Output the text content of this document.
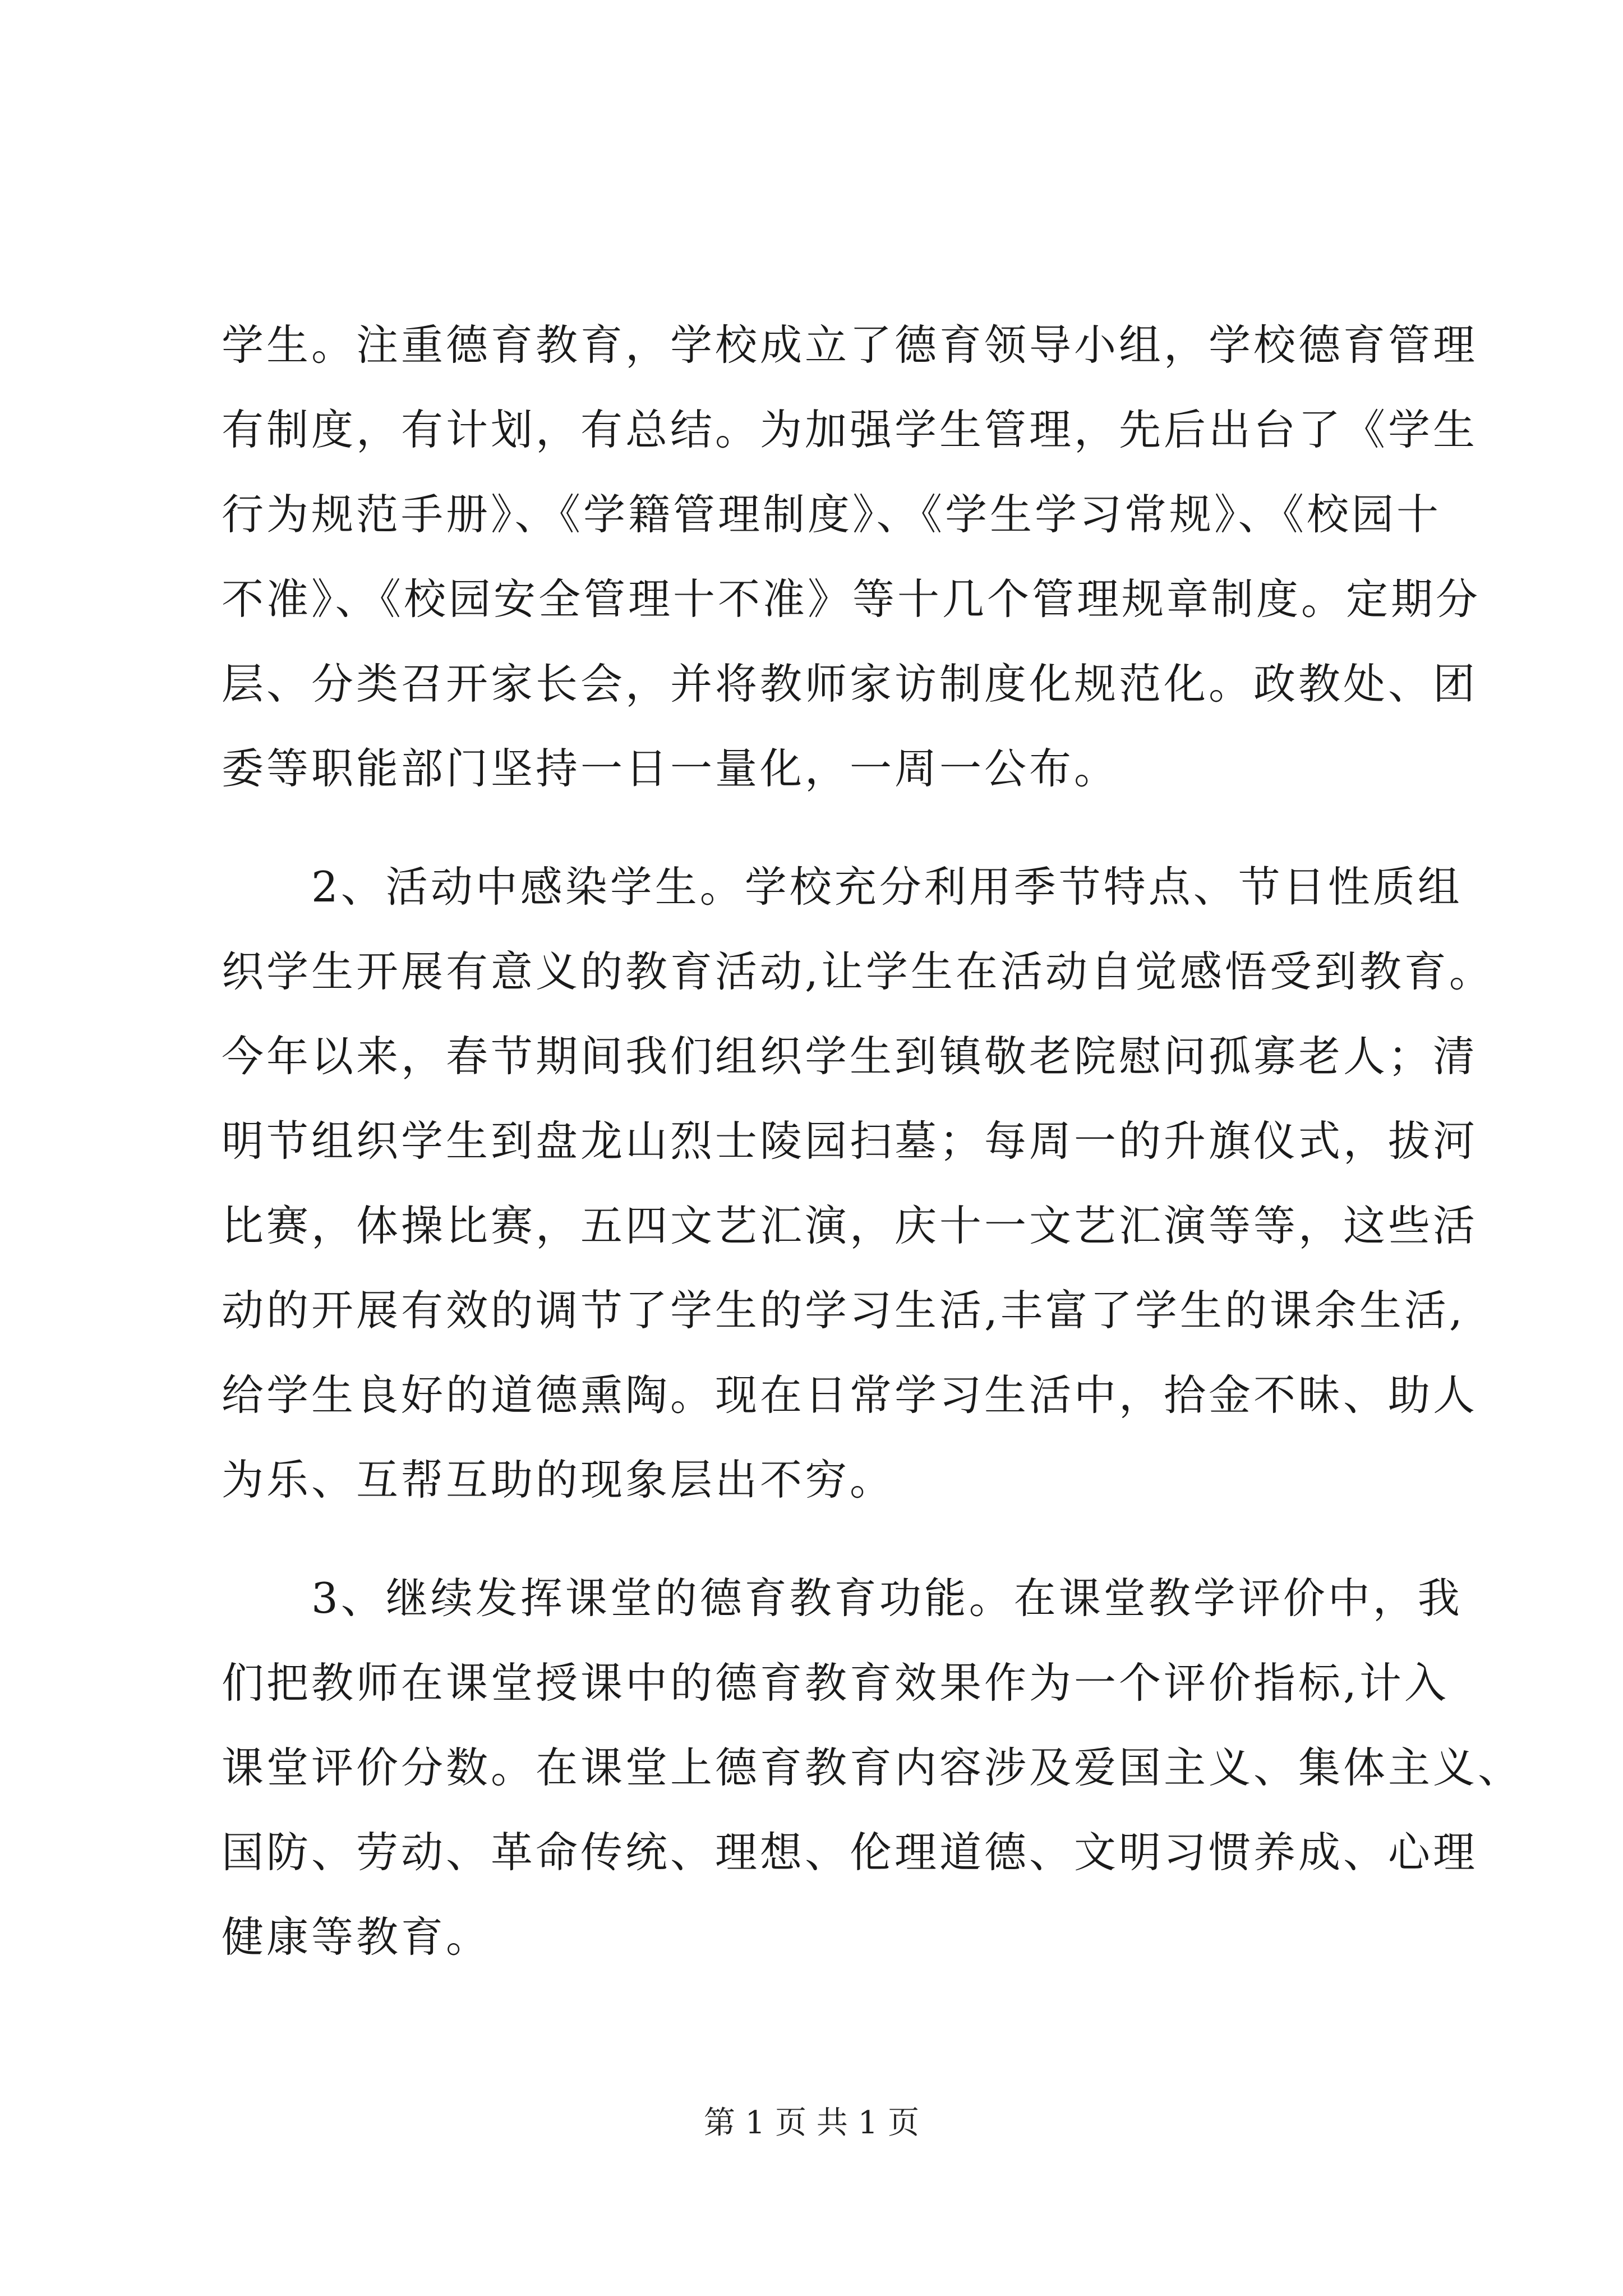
学生。注重德育教育，学校成立了德育领导小组，学校德育管理
有制度，有计划，有总结。为加强学生管理，先后出台了《学生
行为规范手册》、《学籍管理制度》、《学生学习常规》、《校园十
不准》、《校园安全管理十不准》等十几个管理规章制度。定期分
层、分类召开家长会，并将教师家访制度化规范化。政教处、团
委等职能部门坚持一日一量化，一周一公布。
　　2、活动中感染学生。学校充分利用季节特点、节日性质组
织学生开展有意义的教育活动,让学生在活动自觉感悟受到教育。
今年以来，春节期间我们组织学生到镇敬老院慰问孤寡老人；清
明节组织学生到盘龙山烈士陵园扫墓；每周一的升旗仪式，拔河
比赛，体操比赛，五四文艺汇演，庆十一文艺汇演等等，这些活
动的开展有效的调节了学生的学习生活,丰富了学生的课余生活,
给学生良好的道德熏陶。现在日常学习生活中，拾金不昧、助人
为乐、互帮互助的现象层出不穷。
　　3、继续发挥课堂的德育教育功能。在课堂教学评价中，我
们把教师在课堂授课中的德育教育效果作为一个评价指标,计入
课堂评价分数。在课堂上德育教育内容涉及爱国主义、集体主义、
国防、劳动、革命传统、理想、伦理道德、文明习惯养成、心理
健康等教育。
第 1 页 共 1 页
